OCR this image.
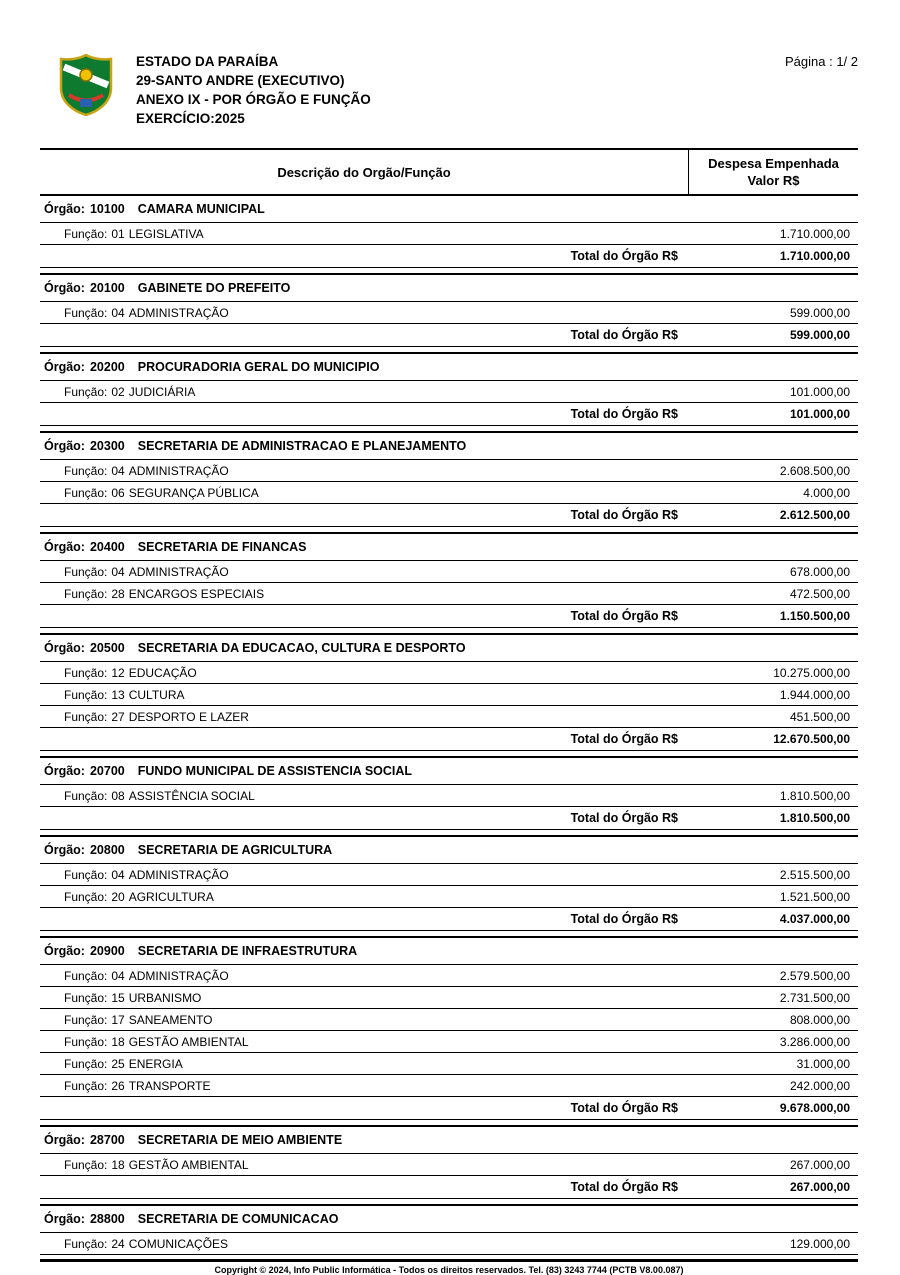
ESTADO DA PARAÍBA
29-SANTO ANDRE (EXECUTIVO)
ANEXO IX - POR ÓRGÃO E FUNÇÃO
EXERCÍCIO:2025
Página : 1/ 2
Descrição do Orgão/Função
Despesa Empenhada
Valor R$
Órgão: 10100 CAMARA MUNICIPAL
Função: 01 LEGISLATIVA	1.710.000,00
Total do Órgão R$	1.710.000,00
Órgão: 20100 GABINETE DO PREFEITO
Função: 04 ADMINISTRAÇÃO	599.000,00
Total do Órgão R$	599.000,00
Órgão: 20200 PROCURADORIA GERAL DO MUNICIPIO
Função: 02 JUDICIÁRIA	101.000,00
Total do Órgão R$	101.000,00
Órgão: 20300 SECRETARIA DE ADMINISTRACAO E PLANEJAMENTO
Função: 04 ADMINISTRAÇÃO	2.608.500,00
Função: 06 SEGURANÇA PÚBLICA	4.000,00
Total do Órgão R$	2.612.500,00
Órgão: 20400 SECRETARIA DE FINANCAS
Função: 04 ADMINISTRAÇÃO	678.000,00
Função: 28 ENCARGOS ESPECIAIS	472.500,00
Total do Órgão R$	1.150.500,00
Órgão: 20500 SECRETARIA DA EDUCACAO, CULTURA E DESPORTO
Função: 12 EDUCAÇÃO	10.275.000,00
Função: 13 CULTURA	1.944.000,00
Função: 27 DESPORTO E LAZER	451.500,00
Total do Órgão R$	12.670.500,00
Órgão: 20700 FUNDO MUNICIPAL DE ASSISTENCIA SOCIAL
Função: 08 ASSISTÊNCIA SOCIAL	1.810.500,00
Total do Órgão R$	1.810.500,00
Órgão: 20800 SECRETARIA DE AGRICULTURA
Função: 04 ADMINISTRAÇÃO	2.515.500,00
Função: 20 AGRICULTURA	1.521.500,00
Total do Órgão R$	4.037.000,00
Órgão: 20900 SECRETARIA DE INFRAESTRUTURA
Função: 04 ADMINISTRAÇÃO	2.579.500,00
Função: 15 URBANISMO	2.731.500,00
Função: 17 SANEAMENTO	808.000,00
Função: 18 GESTÃO AMBIENTAL	3.286.000,00
Função: 25 ENERGIA	31.000,00
Função: 26 TRANSPORTE	242.000,00
Total do Órgão R$	9.678.000,00
Órgão: 28700 SECRETARIA DE MEIO AMBIENTE
Função: 18 GESTÃO AMBIENTAL	267.000,00
Total do Órgão R$	267.000,00
Órgão: 28800 SECRETARIA DE COMUNICACAO
Função: 24 COMUNICAÇÕES	129.000,00
Copyright © 2024, Info Public Informática - Todos os direitos reservados. Tel. (83) 3243 7744 (PCTB V8.00.087)
